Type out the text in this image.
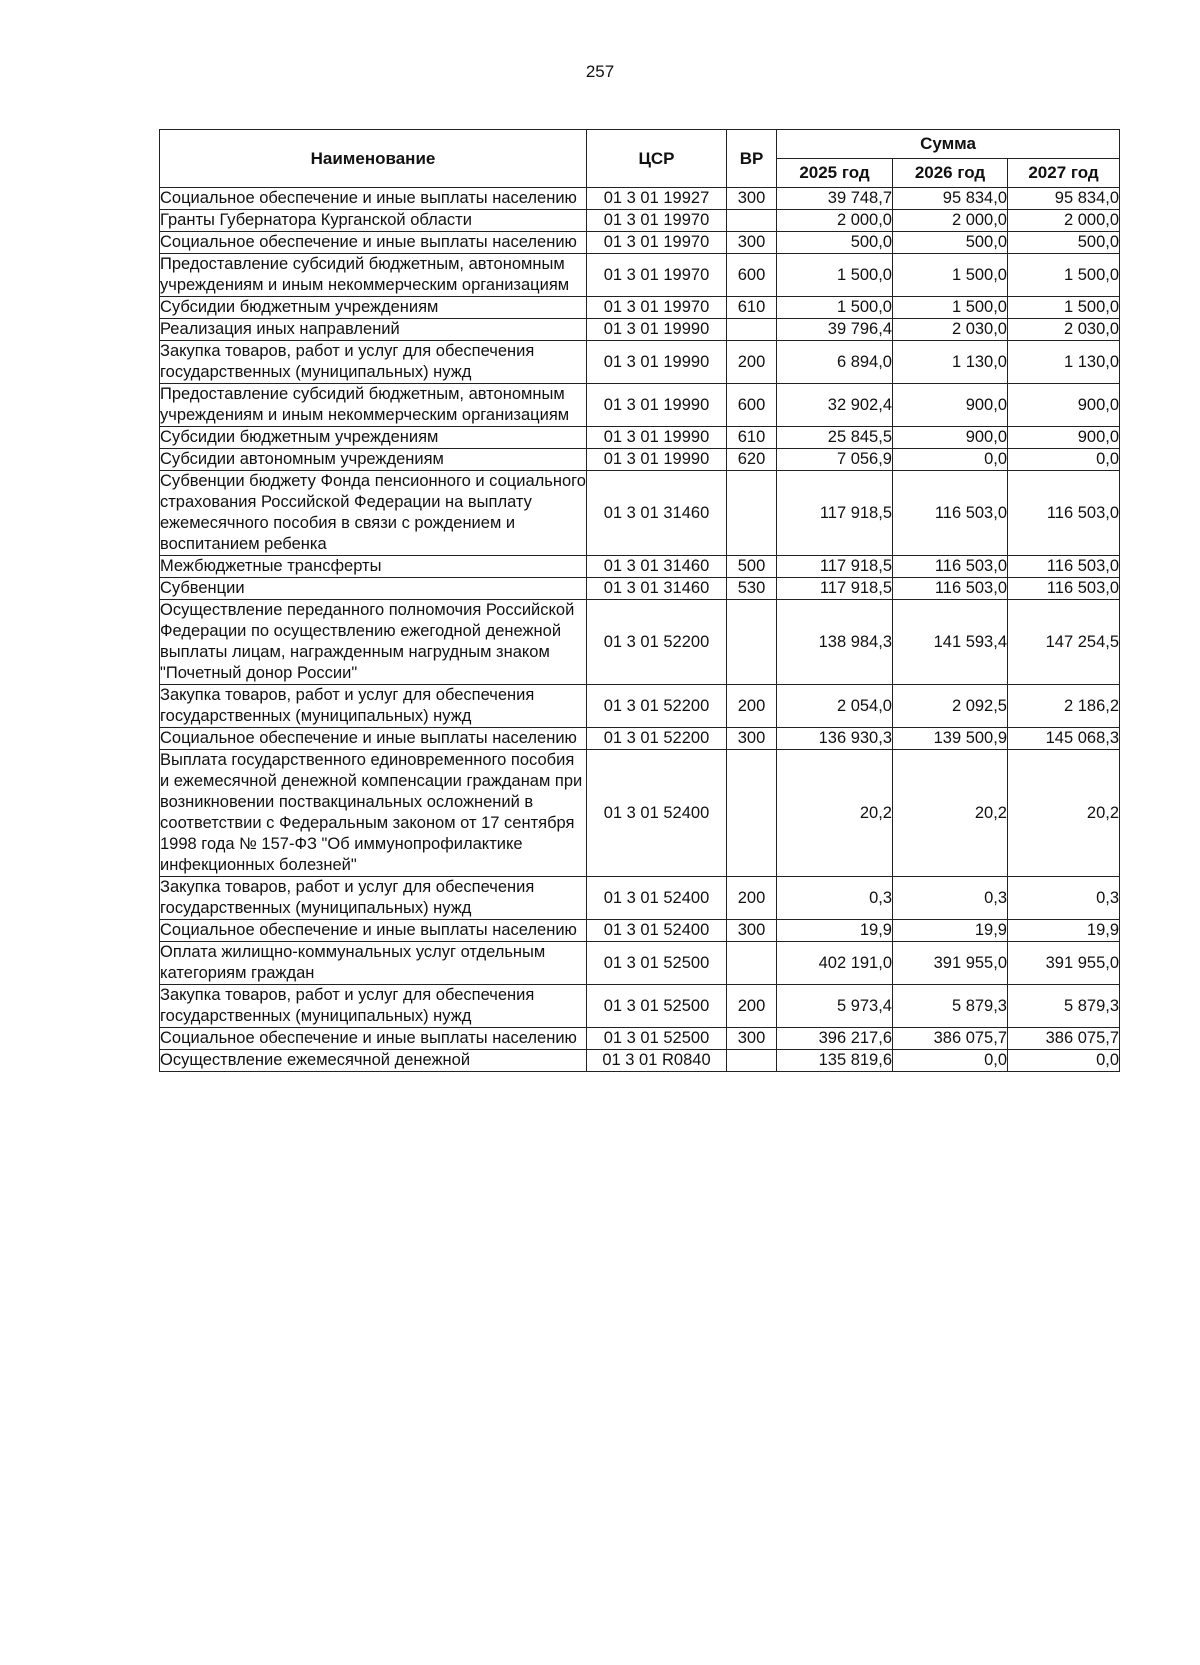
257
Наименование	ЦСР	ВР	Сумма		
			2025 год	2026 год	2027 год
Социальное обеспечение и иные выплаты населению	01 3 01 19927	300	39 748,7	95 834,0	95 834,0
Гранты Губернатора Курганской области	01 3 01 19970		2 000,0	2 000,0	2 000,0
Социальное обеспечение и иные выплаты населению	01 3 01 19970	300	500,0	500,0	500,0
Предоставление субсидий бюджетным, автономным учреждениям и иным некоммерческим организациям	01 3 01 19970	600	1 500,0	1 500,0	1 500,0
Субсидии бюджетным учреждениям	01 3 01 19970	610	1 500,0	1 500,0	1 500,0
Реализация иных направлений	01 3 01 19990		39 796,4	2 030,0	2 030,0
Закупка товаров, работ и услуг для обеспечения государственных (муниципальных) нужд	01 3 01 19990	200	6 894,0	1 130,0	1 130,0
Предоставление субсидий бюджетным, автономным учреждениям и иным некоммерческим организациям	01 3 01 19990	600	32 902,4	900,0	900,0
Субсидии бюджетным учреждениям	01 3 01 19990	610	25 845,5	900,0	900,0
Субсидии автономным учреждениям	01 3 01 19990	620	7 056,9	0,0	0,0
Субвенции бюджету Фонда пенсионного и социального страхования Российской Федерации на выплату ежемесячного пособия в связи с рождением и воспитанием ребенка	01 3 01 31460		117 918,5	116 503,0	116 503,0
Межбюджетные трансферты	01 3 01 31460	500	117 918,5	116 503,0	116 503,0
Субвенции	01 3 01 31460	530	117 918,5	116 503,0	116 503,0
Осуществление переданного полномочия Российской Федерации по осуществлению ежегодной денежной выплаты лицам, награжденным нагрудным знаком "Почетный донор России"	01 3 01 52200		138 984,3	141 593,4	147 254,5
Закупка товаров, работ и услуг для обеспечения государственных (муниципальных) нужд	01 3 01 52200	200	2 054,0	2 092,5	2 186,2
Социальное обеспечение и иные выплаты населению	01 3 01 52200	300	136 930,3	139 500,9	145 068,3
Выплата государственного единовременного пособия и ежемесячной денежной компенсации гражданам при возникновении поствакцинальных осложнений в соответствии с Федеральным законом от 17 сентября 1998 года № 157-ФЗ "Об иммунопрофилактике инфекционных болезней"	01 3 01 52400		20,2	20,2	20,2
Закупка товаров, работ и услуг для обеспечения государственных (муниципальных) нужд	01 3 01 52400	200	0,3	0,3	0,3
Социальное обеспечение и иные выплаты населению	01 3 01 52400	300	19,9	19,9	19,9
Оплата жилищно-коммунальных услуг отдельным категориям граждан	01 3 01 52500		402 191,0	391 955,0	391 955,0
Закупка товаров, работ и услуг для обеспечения государственных (муниципальных) нужд	01 3 01 52500	200	5 973,4	5 879,3	5 879,3
Социальное обеспечение и иные выплаты населению	01 3 01 52500	300	396 217,6	386 075,7	386 075,7
Осуществление ежемесячной денежной	01 3 01 R0840		135 819,6	0,0	0,0
